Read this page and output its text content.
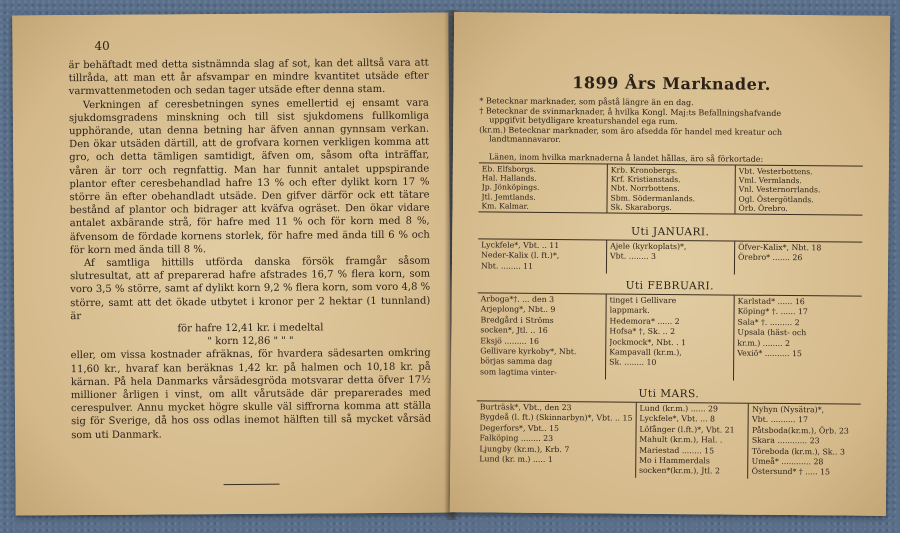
40

är behäftadt med detta sistnämnda slag af sot, kan det alltså vara att tillråda, att man ett år afsvampar en mindre kvantitet utsäde efter varmvattenmetoden och sedan tager utsäde efter denna stam.

Verkningen af ceresbetningen synes emellertid ej ensamt vara sjukdomsgradens minskning och till sist sjukdomens fullkomliga upphörande, utan denna betning har äfven annan gynnsam verkan. Den ökar utsäden därtill, att de grofvara kornen verkligen komma att gro, och detta tämligen samtidigt, äfven om, såsom ofta inträffar, våren är torr och regnfattig. Man har funnit antalet uppspirande plantor efter ceresbehandlad hafre 13 % och efter dylikt korn 17 % större än efter obehandladt utsäde. Den gifver därför ock ett tätare bestånd af plantor och bidrager att kväfva ogräset. Den ökar vidare antalet axbärande strå, för hafre med 11 % och för korn med 8 %, äfvensom de fördade kornens storlek, för hafre med ända till 6 % och för korn med ända till 8 %.

Af samtliga hittills utförda danska försök framgår såsom slutresultat, att af preparerad hafre afstrades 16,7 % flera korn, som voro 3,5 % större, samt af dylikt korn 9,2 % flera korn, som voro 4,8 % större, samt att det ökade utbytet i kronor per 2 hektar (1 tunnland) är

för hafre 12,41 kr. i medeltal

" korn 12,86 " " "

eller, om vissa kostnader afräknas, för hvardera sädesarten omkring 11,60 kr., hvaraf kan beräknas 1,42 kr. på halmen och 10,18 kr. på kärnan. På hela Danmarks vårsädesgröda motsvarar detta öfver 17½ millioner årligen i vinst, om allt vårutsäde där preparerades med cerespulver. Annu mycket högre skulle väl siffrorna komma att ställa sig för Sverige, då hos oss odlas inemot hälften till så mycket vårsäd som uti Danmark.

1899 Års Marknader.
* Betecknar marknader, som påstå längre än en dag.
† Betecknar de svinmarknader, å hvilka Kongl. Maj:ts Befallningshafvande
uppgifvit betydligare kreaturshandel ega rum.
(kr.m.) Betecknar marknader, som äro afsedda för handel med kreatur och
landtmannavaror.
Länen, inom hvilka marknaderna å landet hållas, äro så förkortade:
Eb. Elfsborgs.
Hal. Hallands.
Jp. Jönköpings.
Jtl. Jemtlands.
Km. Kalmar.
Krb. Kronobergs.
Krf. Kristianstads.
Nbt. Norrbottens.
Sbm. Södermanlands.
Sk. Skaraborgs.
Vbt. Vesterbottens.
Vml. Vermlands.
Vnl. Vesternorrlands.
Ogl. Östergötlands.
Örb. Örebro.
Uti JANUARI.
Lyckfele*, Vbt. .. 11
Neder-Kalix (l. ft.)*,
Nbt. ........ 11
Ajele (kyrkoplats)*,
Vbt. ........ 3
Öfver-Kalix*, Nbt. 18
Örebro* ....... 26
Uti FEBRUARI.
Arboga*†. ... den 3
Arjeplong*, Nbt.. 9
Bredgård i Ströms
socken*, Jtl. .. 16
Eksjö ......... 16
Gellivare kyrkoby*, Nbt.
börjas samma dag
som lagtima vinter-
tinget i Gellivare
lappmark.
Hedemora* ...... 2
Hofsa* †, Sk. .. 2
Jockmock*, Nbt. . 1
Kampavall (kr.m.),
Sk. ........ 10
Karlstad* ...... 16
Köping* †. ...... 17
Sala* †. ......... 2
Upsala (häst- och
kr.m.) ........ 2
Vexiö* .......... 15
Uti MARS.
Burträsk*, Vbt., den 23
Bygdeå (l. ft.) (Skinnarbyn)*, Vbt. .. 15
Degerfors*, Vbt.. 15
Falköping ........ 23
Ljungby (kr.m.), Krb. 7
Lund (kr. m.) ..... 1
Lund (kr.m.) ...... 29
Lyckfele*, Vbt. ... 8
Löfånger (l.ft.)*, Vbt. 21
Mahult (kr.m.), Hal. .
Mariestad ........ 15
Mo i Hammerdals
socken*(kr.m.), Jtl. 2
Nyhyn (Nysätra)*,
Vbt. .......... 17
Påtsboda(kr.m.), Örb. 23
Skara ............ 23
Töreboda (kr.m.), Sk.. 3
Umeå* ............ 28
Östersund* † ..... 15
